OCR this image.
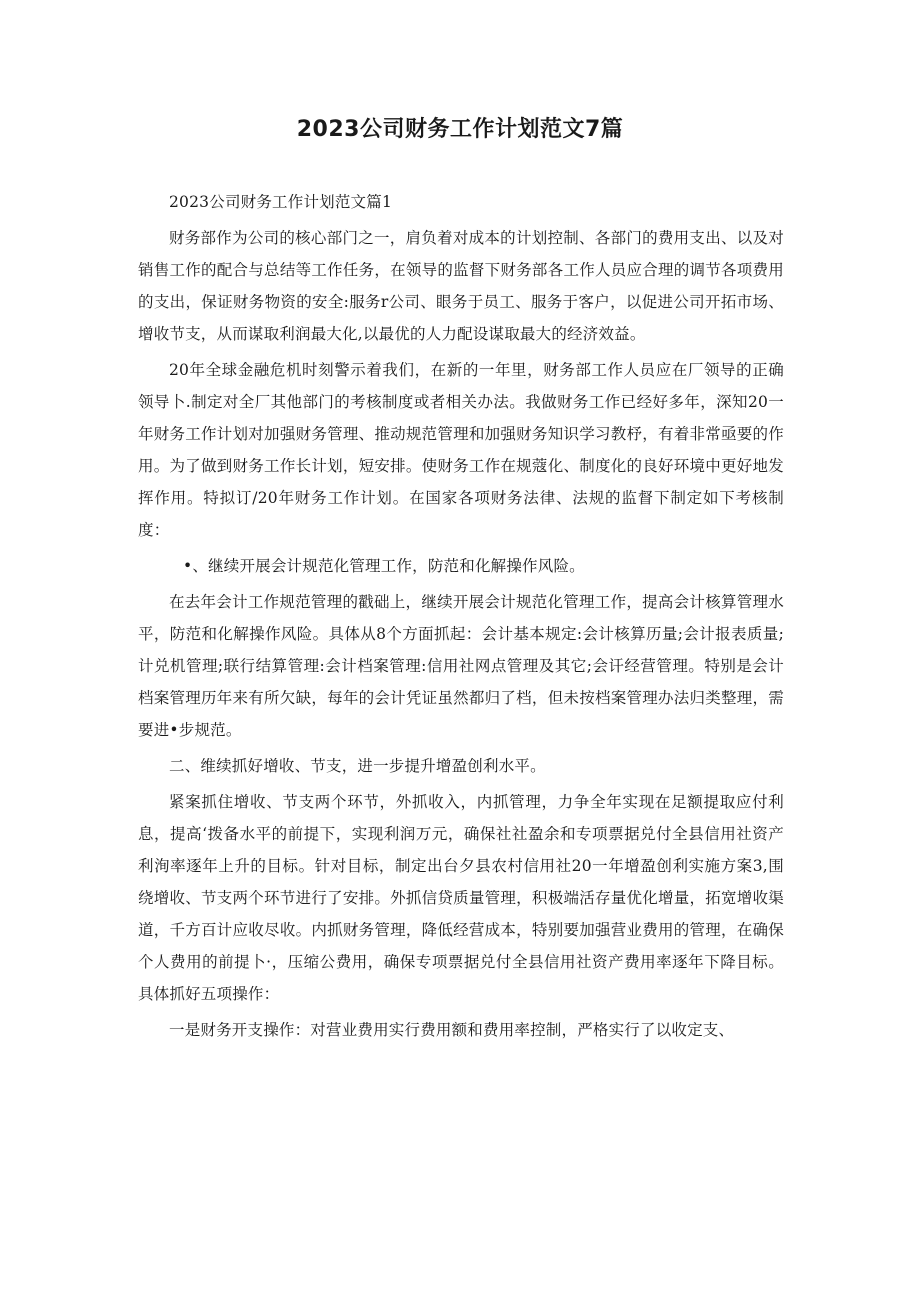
2023公司财务工作计划范文7篇

2023公司财务工作计划范文篇1

财务部作为公司的核心部门之一，肩负着对成本的计划控制、各部门的费用支出、以及对销售工作的配合与总结等工作任务，在领导的监督下财务部各工作人员应合理的调节各项费用的支出，保证财务物资的安全:服务r公司、眼务于员工、服务于客户，以促进公司开拓市场、增收节支，从而谋取利润最大化,以最优的人力配设谋取最大的经济效益。

20年全球金融危机时刻警示着我们，在新的一年里，财务部工作人员应在厂领导的正确领导卜.制定对全厂其他部门的考核制度或者相关办法。我做财务工作已经好多年，深知20一年财务工作计划对加强财务管理、推动规范管理和加强财务知识学习教杼，有着非常亟要的作用。为了做到财务工作长计划，短安排。使财务工作在规蔻化、制度化的良好环境中更好地发挥作用。特拟订/20年财务工作计划。在国家各项财务法律、法规的监督下制定如下考核制度：

•、继续开展会计规范化管理工作，防范和化解操作风险。

在去年会计工作规范管理的戳础上，继续开展会计规范化管理工作，提高会计核算管理水平，防范和化解操作风险。具体从8个方面抓起：会计基本规定:会计核算历量;会计报表质量;计兑机管理;联行结算管理:会计档案管理:信用社网点管理及其它;会讦经营管理。特别是会计档案管理历年来有所欠缺，每年的会计凭证虽然都归了档，但未按档案管理办法归类整理，需要进•步规范。

二、维续抓好增收、节支，进一步提升增盈创利水平。

紧案抓住增收、节支两个环节，外抓收入，内抓管理，力争全年实现在足额提取应付利息，提高‘拨备水平的前提下，实现利润万元，确保社社盈余和专项票据兑付全县信用社资产利洵率逐年上升的目标。针对目标，制定出台夕县农村信用社20一年增盈创利实施方案3,围绕增收、节支两个环节进行了安排。外抓信贷质量管理，积极端活存量优化增量，拓宽增收渠道，千方百计应收尽收。内抓财务管理，降低经营成本，特别要加强营业费用的管理，在确保个人费用的前提卜·，压缩公费用，确保专项票据兑付全县信用社资产费用率逐年下降目标。具体抓好五项操作：

一是财务开支操作：对营业费用实行费用额和费用率控制，严格实行了以收定支、
